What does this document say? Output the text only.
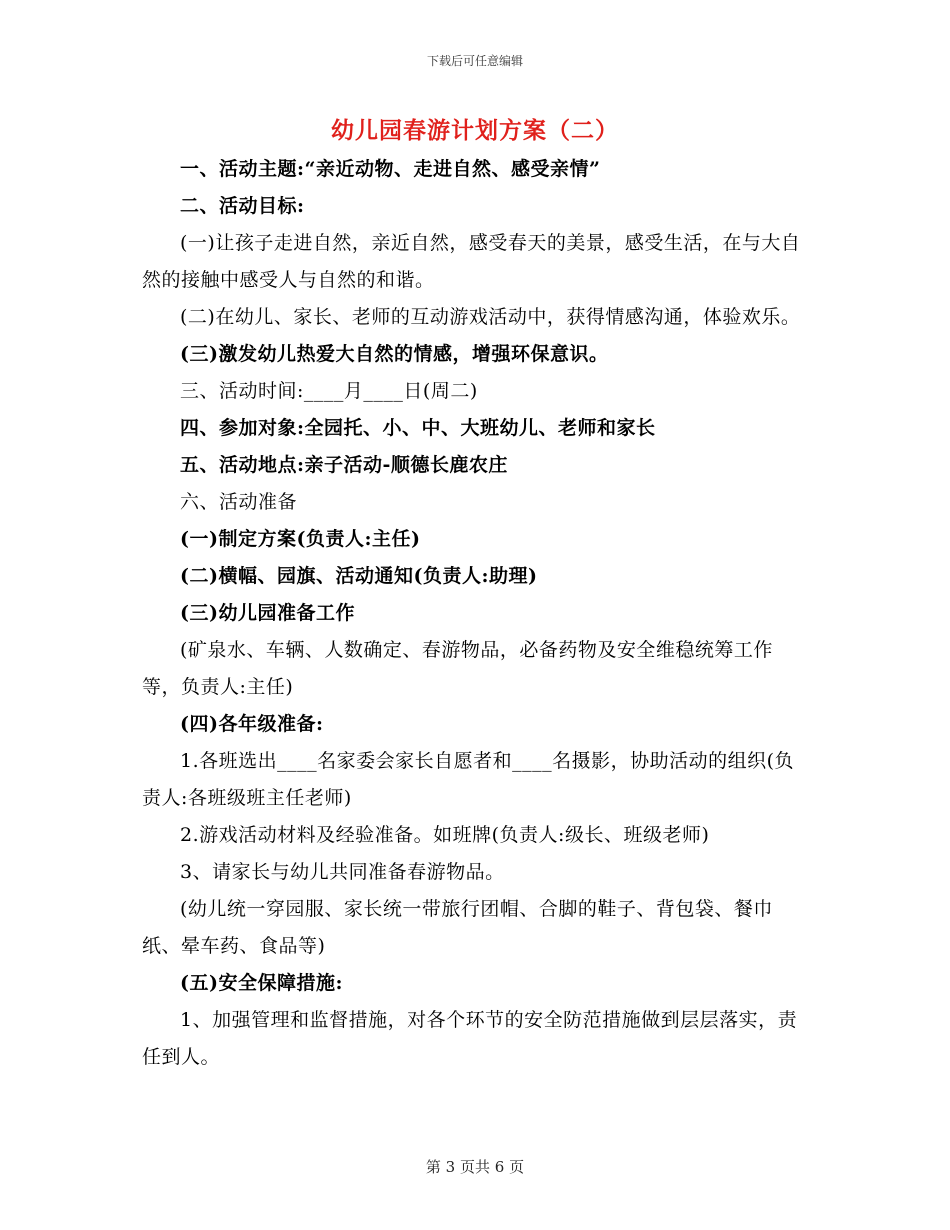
下载后可任意编辑
幼儿园春游计划方案（二）

一、活动主题:“亲近动物、走进自然、感受亲情”

二、活动目标:

(一)让孩子走进自然，亲近自然，感受春天的美景，感受生活，在与大自然的接触中感受人与自然的和谐。

(二)在幼儿、家长、老师的互动游戏活动中，获得情感沟通，体验欢乐。

(三)激发幼儿热爱大自然的情感，增强环保意识。

三、活动时间:____月____日(周二)

四、参加对象:全园托、小、中、大班幼儿、老师和家长

五、活动地点:亲子活动-顺德长鹿农庄

六、活动准备

(一)制定方案(负责人:主任)

(二)横幅、园旗、活动通知(负责人:助理)

(三)幼儿园准备工作

(矿泉水、车辆、人数确定、春游物品，必备药物及安全维稳统筹工作等，负责人:主任)

(四)各年级准备:

1.各班选出____名家委会家长自愿者和____名摄影，协助活动的组织(负责人:各班级班主任老师)

2.游戏活动材料及经验准备。如班牌(负责人:级长、班级老师)

3、请家长与幼儿共同准备春游物品。

(幼儿统一穿园服、家长统一带旅行团帽、合脚的鞋子、背包袋、餐巾纸、晕车药、食品等)

(五)安全保障措施:

1、加强管理和监督措施，对各个环节的安全防范措施做到层层落实，责任到人。

第 3 页共 6 页
